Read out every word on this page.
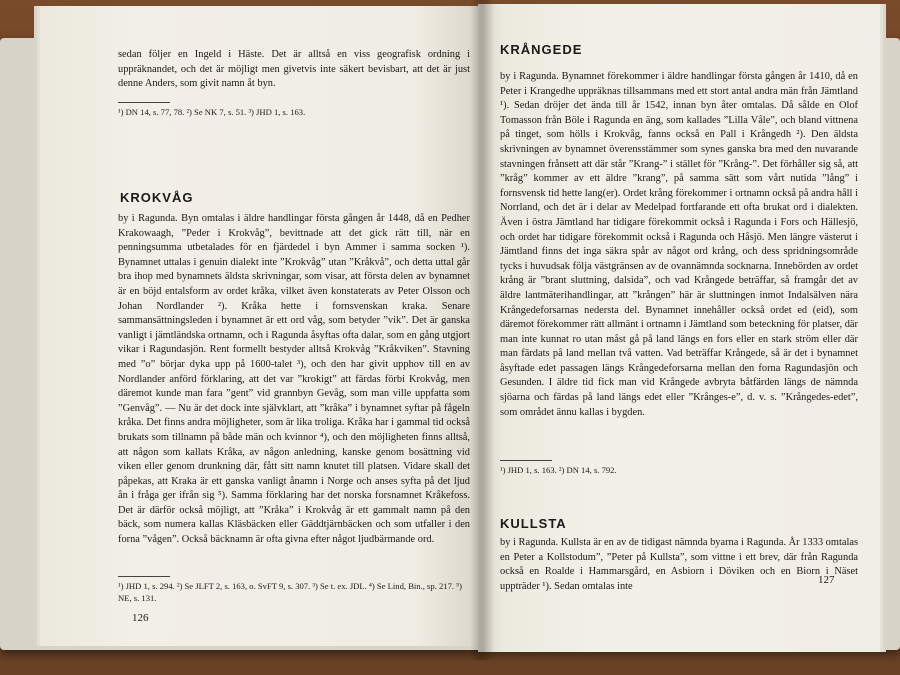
sedan följer en Ingeld i Häste. Det är alltså en viss geografisk ordning i uppräknandet, och det är möjligt men givetvis inte säkert bevisbart, att det är just denne Anders, som givit namn åt byn.

¹) DN 14, s. 77, 78. ²) Se NK 7, s. 51. ³) JHD 1, s. 163.
KROKVÅG

by i Ragunda. Byn omtalas i äldre handlingar första gången år 1448, då en Pedher Krakowaagh, ”Peder i Krokvåg”, bevittnade att det gick rätt till, när en penningsumma utbetalades för en fjärdedel i byn Ammer i samma socken ¹). Bynamnet uttalas i genuin dialekt inte ”Krokvåg” utan ”Kråkvå”, och detta uttal går bra ihop med bynamnets äldsta skrivningar, som visar, att första delen av bynamnet är en böjd entalsform av ordet kråka, vilket även konstaterats av Peter Olsson och Johan Nordlander ²). Kråka hette i fornsvenskan kraka. Senare sammansättningsleden i bynamnet är ett ord våg, som betyder ”vik”. Det är ganska vanligt i jämtländska ortnamn, och i Ragunda åsyftas ofta dalar, som en gång utgjort vikar i Ragundasjön. Rent formellt bestyder alltså Krokvåg ”Kråkviken”. Stavning med ”o” börjar dyka upp på 1600-talet ³), och den har givit upphov till en av Nordlander anförd förklaring, att det var ”krokigt” att färdas förbi Krokvåg, men däremot kunde man fara ”gent” vid grannbyn Gevåg, som man ville uppfatta som ”Genvåg”. — Nu är det dock inte självklart, att ”kråka” i bynamnet syftar på fågeln kråka. Det finns andra möjligheter, som är lika troliga. Kråka har i gammal tid också brukats som tillnamn på både män och kvinnor ⁴), och den möjligheten finns alltså, att någon som kallats Kråka, av någon anledning, kanske genom bosättning vid viken eller genom drunkning där, fått sitt namn knutet till platsen. Vidare skall det påpekas, att Kraka är ett ganska vanligt ånamn i Norge och anses syfta på det ljud ån i fråga ger ifrån sig ⁵). Samma förklaring har det norska forsnamnet Kråkefoss. Det är därför också möjligt, att ”Kråka” i Krokvåg är ett gammalt namn på den bäck, som numera kallas Kläsbäcken eller Gäddtjärnbäcken och som utfaller i den forna ”vågen”. Också bäcknamn är ofta givna efter något ljudbärmande ord.

¹) JHD 1, s. 294. ²) Se JLFT 2, s. 163, o. SvFT 9, s. 307. ³) Se t. ex. JDL. ⁴) Se Lind, Bin., sp. 217. ⁵) NE, s. 131.
126
KRÅNGEDE

by i Ragunda. Bynamnet förekommer i äldre handlingar första gången år 1410, då en Peter i Krangedhe uppräknas tillsammans med ett stort antal andra män från Jämtland ¹). Sedan dröjer det ända till år 1542, innan byn åter omtalas. Då sålde en Olof Tomasson från Böle i Ragunda en äng, som kallades ”Lilla Våle”, och bland vittnena på tinget, som hölls i Krokvåg, fanns också en Pall i Krångedh ²). Den äldsta skrivningen av bynamnet överensstämmer som synes ganska bra med den nuvarande stavningen frånsett att där står ”Krang-” i stället för ”Krång-”. Det förhåller sig så, att ”kråg” kommer av ett äldre ”krang”, på samma sätt som vårt nutida ”lång” i fornsvensk tid hette lang(er). Ordet krång förekommer i ortnamn också på andra håll i Norrland, och det är i delar av Medelpad fortfarande ett ofta brukat ord i dialekten. Även i östra Jämtland har tidigare förekommit också i Ragunda i Fors och Hällesjö, och ordet har tidigare förekommit också i Ragunda och Håsjö. Men längre västerut i Jämtland finns det inga säkra spår av något ord krång, och dess spridningsområde tycks i huvudsak följa västgränsen av de ovannämnda socknarna. Innebörden av ordet krång är ”brant sluttning, dalsida”, och vad Krångede beträffar, så framgår det av äldre lantmäterihandlingar, att ”krången” här är sluttningen inmot Indalsälven nära Krångedeforsarnas nedersta del. Bynamnet innehåller också ordet ed (eid), som däremot förekommer rätt allmänt i ortnamn i Jämtland som beteckning för platser, där man inte kunnat ro utan måst gå på land längs en fors eller en stark ström eller där man färdats på land mellan två vatten. Vad beträffar Krångede, så är det i bynamnet åsyftade edet passagen längs Krångedeforsarna mellan den forna Ragundasjön och Gesunden. I äldre tid fick man vid Krångede avbryta båtfärden längs de nämnda sjöarna och färdas på land längs edet eller ”Krånges-e”, d. v. s. ”Krångedes-edet”, som området ännu kallas i bygden.

¹) JHD 1, s. 163. ²) DN 14, s. 792.
KULLSTA

by i Ragunda. Kullsta är en av de tidigast nämnda byarna i Ragunda. År 1333 omtalas en Peter a Kollstodum”, ”Peter på Kullsta”, som vittne i ett brev, där från Ragunda också en Roalde i Hammarsgård, en Asbiorn i Döviken och en Biorn i Näset uppträder ¹). Sedan omtalas inte

127
